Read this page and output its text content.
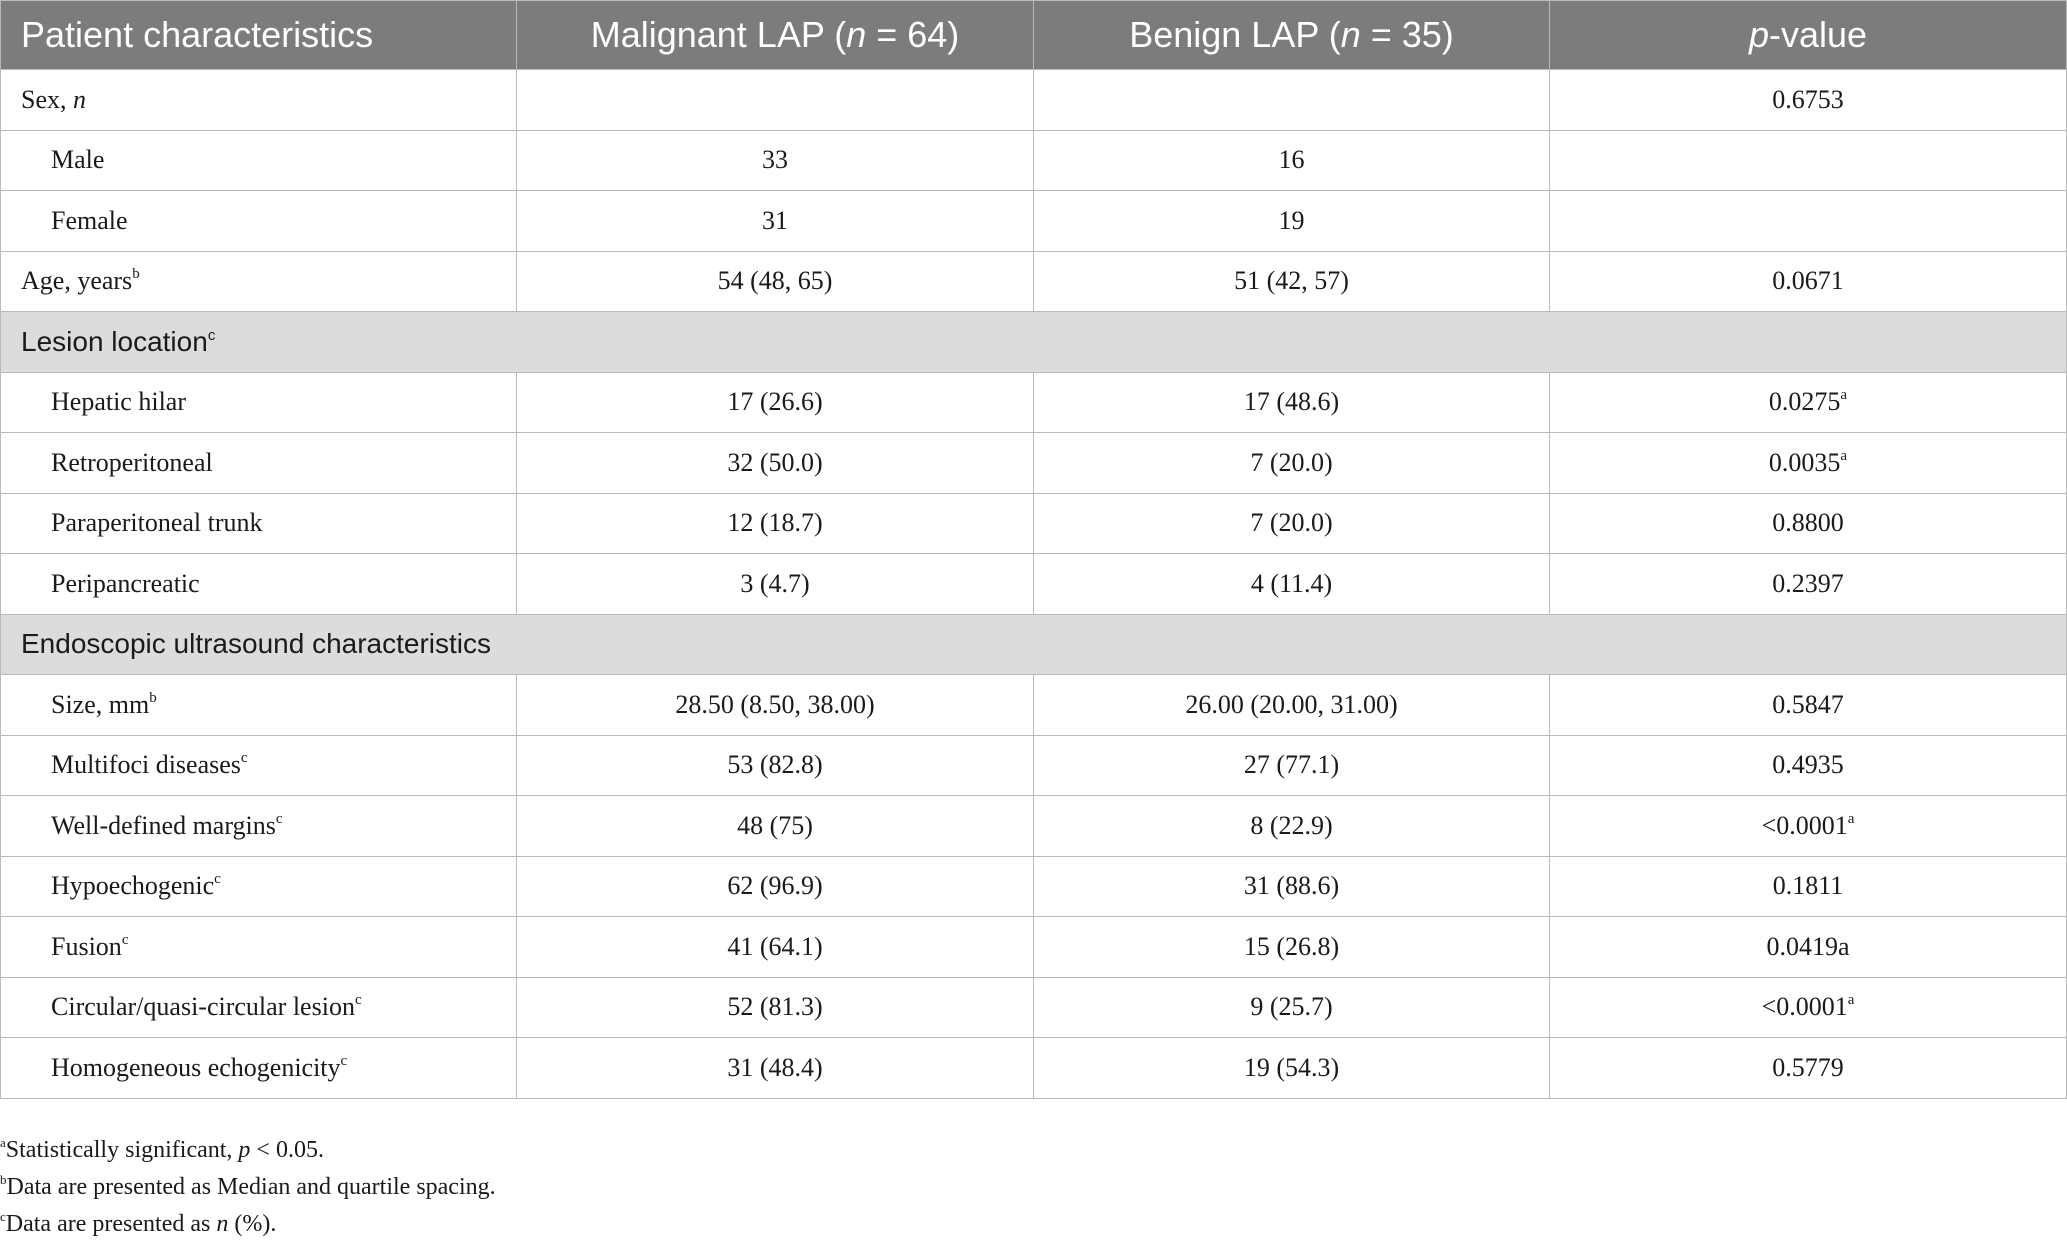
Patient characteristics	Malignant LAP (n = 64)	Benign LAP (n = 35)	p-value
Sex, n			0.6753
Male	33	16	
Female	31	19	
Age, years$^b$	54 (48, 65)	51 (42, 57)	0.0671
Lesion location$^c$
Hepatic hilar	17 (26.6)	17 (48.6)	0.0275$^a$
Retroperitoneal	32 (50.0)	7 (20.0)	0.0035$^a$
Paraperitoneal trunk	12 (18.7)	7 (20.0)	0.8800
Peripancreatic	3 (4.7)	4 (11.4)	0.2397
Endoscopic ultrasound characteristics			
Size, $mm^b$	28.50 (8.50, 38.00)	26.00 (20.00, 31.00)	0.5847
Multifoci diseases$^c$	53 (82.8)	27 (77.1)	0.4935
Well-defined margins$^c$	48 (75)	8 (22.9)	<0.0001$^a$
Hypoechogenic$^c$	62 (96.9)	31 (88.6)	0.1811
Fusion$^c$	41 (64.1)	15 (26.8)	0.0419a
Circular/quasi-circular lesion$^c$	52 (81.3)	9 (25.7)	<0.0001$^a$
Homogeneous echogenicity$^c$	31 (48.4)	19 (54.3)	0.5779
$^a$Statistically significant, p < 0.05.
$^b$Data are presented as Median and quartile spacing.
$^c$Data are presented as n (%).
